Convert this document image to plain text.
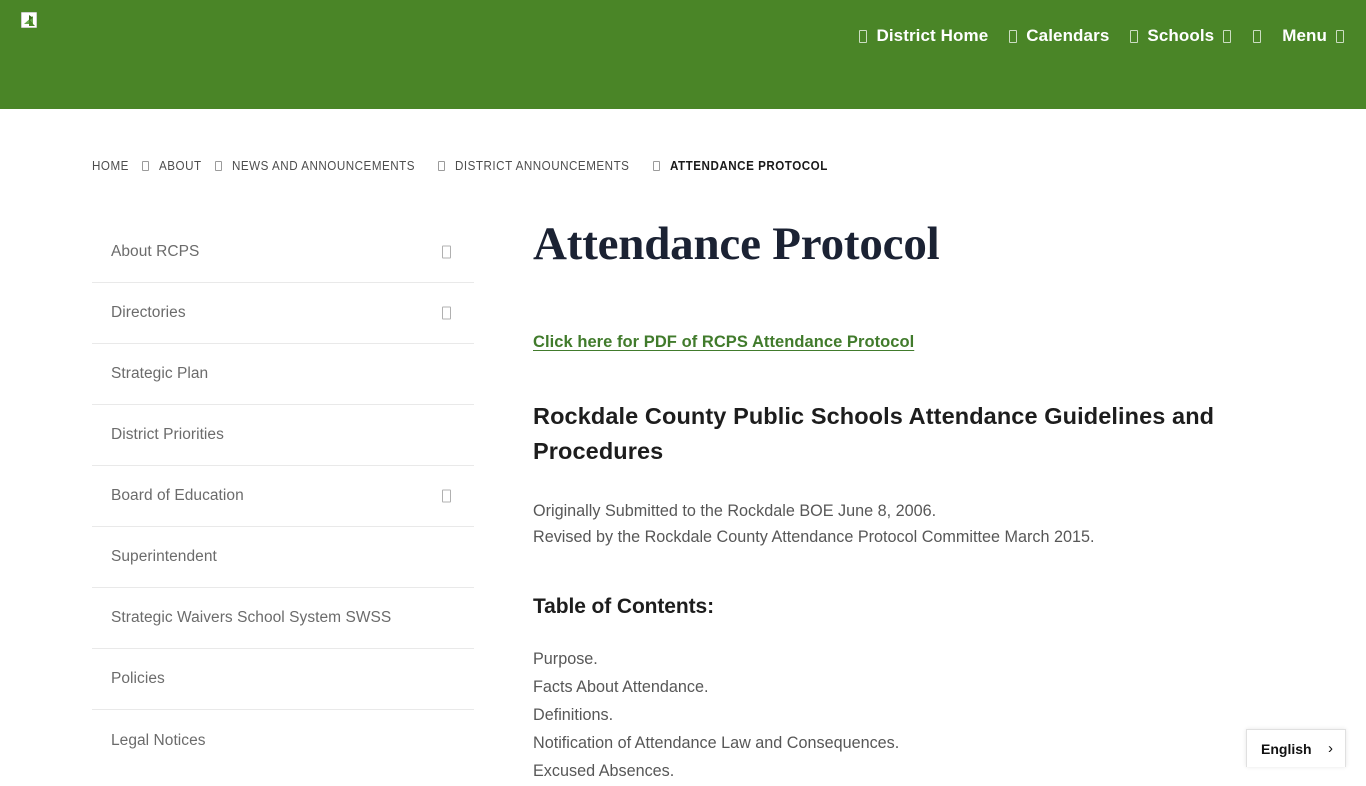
District Home Calendars Schools	Menu
HOME ABOUT NEWS AND ANNOUNCEMENTS	DISTRICT ANNOUNCEMENTS	ATTENDANCE PROTOCOL
About RCPS
Directories
Strategic Plan
District Priorities
Board of Education
Superintendent
Strategic Waivers School System SWSS
Policies
Legal Notices
Attendance Protocol
Click here for PDF of RCPS Attendance Protocol
Rockdale County Public Schools Attendance Guidelines and Procedures

Originally Submitted to the Rockdale BOE June 8, 2006.
Revised by the Rockdale County Attendance Protocol Committee March 2015.

Table of Contents:
Purpose.
Facts About Attendance.
Definitions.
Notification of Attendance Law and Consequences.
Excused Absences.
English ›
